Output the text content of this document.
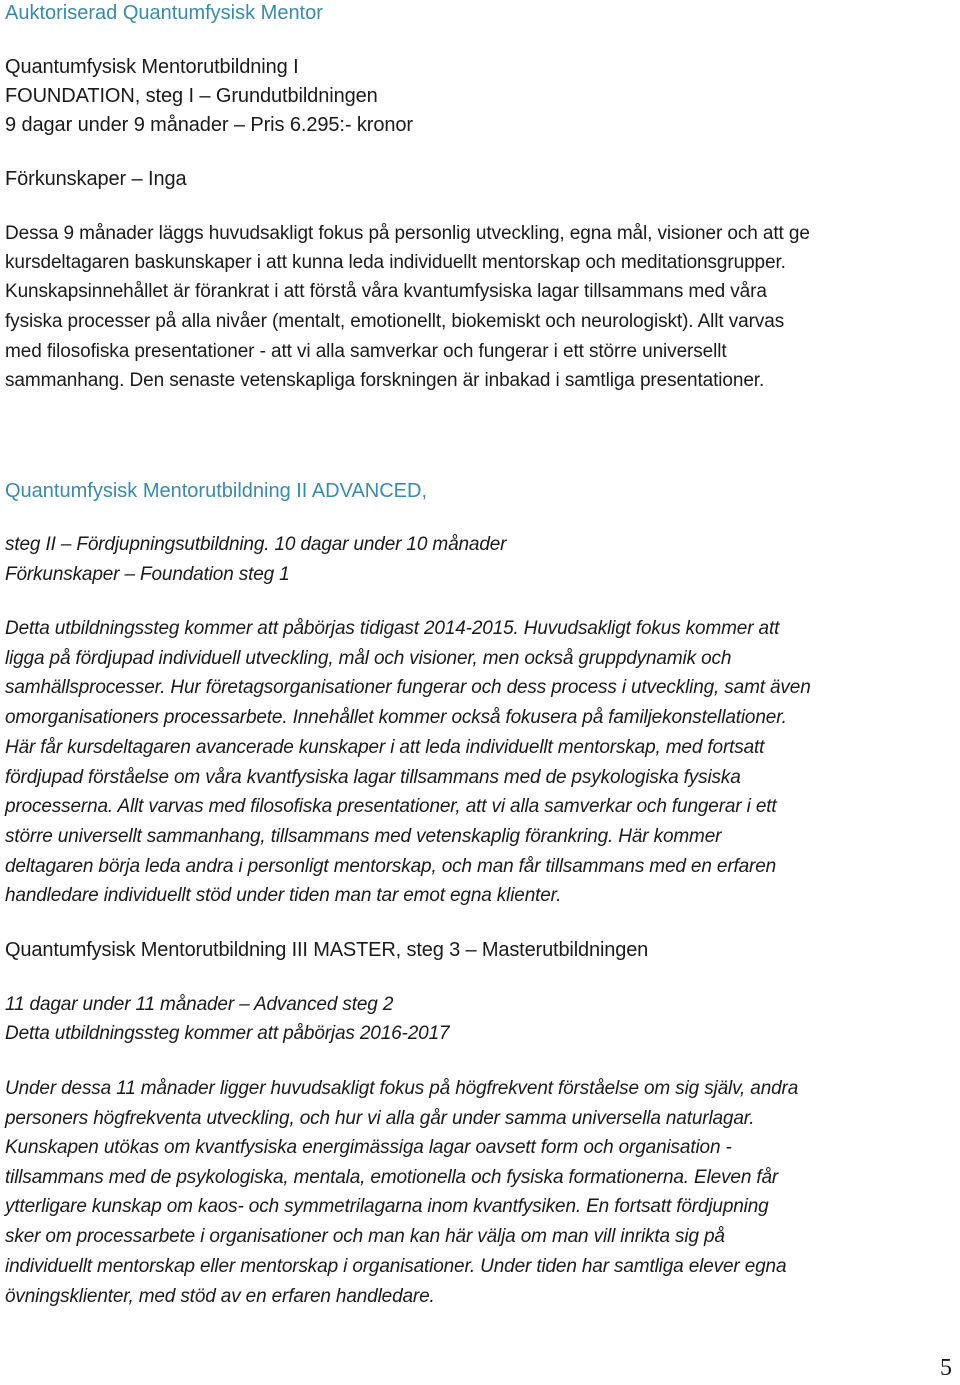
Auktoriserad Quantumfysisk Mentor
Quantumfysisk Mentorutbildning I
FOUNDATION, steg I – Grundutbildningen
9 dagar under 9 månader – Pris 6.295:- kronor
Förkunskaper – Inga
Dessa 9 månader läggs huvudsakligt fokus på personlig utveckling, egna mål, visioner och att ge
kursdeltagaren baskunskaper i att kunna leda individuellt mentorskap och meditationsgrupper.
Kunskapsinnehållet är förankrat i att förstå våra kvantumfysiska lagar tillsammans med våra
fysiska processer på alla nivåer (mentalt, emotionellt, biokemiskt och neurologiskt). Allt varvas
med filosofiska presentationer - att vi alla samverkar och fungerar i ett större universellt
sammanhang. Den senaste vetenskapliga forskningen är inbakad i samtliga presentationer.
Quantumfysisk Mentorutbildning II ADVANCED,
steg II – Fördjupningsutbildning. 10 dagar under 10 månader
Förkunskaper – Foundation steg 1
Detta utbildningssteg kommer att påbörjas tidigast 2014-2015. Huvudsakligt fokus kommer att
ligga på fördjupad individuell utveckling, mål och visioner, men också gruppdynamik och
samhällsprocesser. Hur företagsorganisationer fungerar och dess process i utveckling, samt även
omorganisationers processarbete. Innehållet kommer också fokusera på familjekonstellationer.
Här får kursdeltagaren avancerade kunskaper i att leda individuellt mentorskap, med fortsatt
fördjupad förståelse om våra kvantfysiska lagar tillsammans med de psykologiska fysiska
processerna. Allt varvas med filosofiska presentationer, att vi alla samverkar och fungerar i ett
större universellt sammanhang, tillsammans med vetenskaplig förankring. Här kommer
deltagaren börja leda andra i personligt mentorskap, och man får tillsammans med en erfaren
handledare individuellt stöd under tiden man tar emot egna klienter.
Quantumfysisk Mentorutbildning III MASTER, steg 3 – Masterutbildningen
11 dagar under 11 månader – Advanced steg 2
Detta utbildningssteg kommer att påbörjas 2016-2017
Under dessa 11 månader ligger huvudsakligt fokus på högfrekvent förståelse om sig själv, andra
personers högfrekventa utveckling, och hur vi alla går under samma universella naturlagar.
Kunskapen utökas om kvantfysiska energimässiga lagar oavsett form och organisation -
tillsammans med de psykologiska, mentala, emotionella och fysiska formationerna. Eleven får
ytterligare kunskap om kaos- och symmetrilagarna inom kvantfysiken. En fortsatt fördjupning
sker om processarbete i organisationer och man kan här välja om man vill inrikta sig på
individuellt mentorskap eller mentorskap i organisationer. Under tiden har samtliga elever egna
övningsklienter, med stöd av en erfaren handledare.
5
